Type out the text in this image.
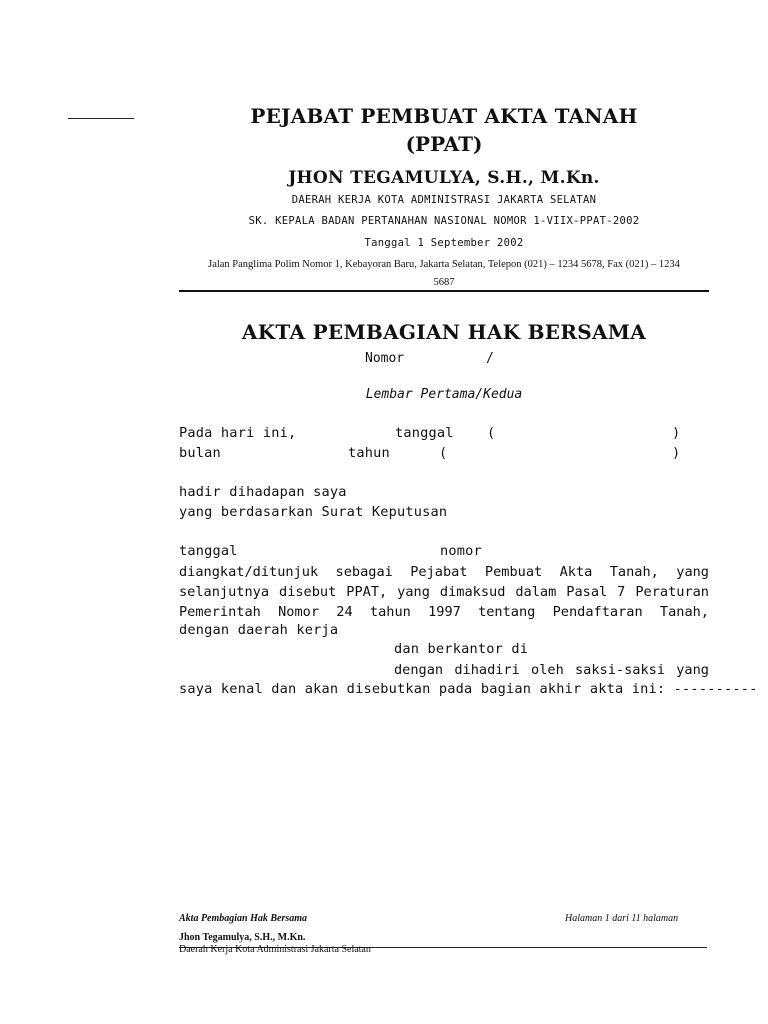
PEJABAT PEMBUAT AKTA TANAH
(PPAT)
JHON TEGAMULYA, S.H., M.Kn.
DAERAH KERJA KOTA ADMINISTRASI JAKARTA SELATAN
SK. KEPALA BADAN PERTANAHAN NASIONAL NOMOR 1-VIIX-PPAT-2002
Tanggal 1 September 2002
Jalan Panglima Polim Nomor 1, Kebayoran Baru, Jakarta Selatan, Telepon (021) – 1234 5678, Fax (021) – 1234
5687
AKTA PEMBAGIAN HAK BERSAMA
Nomor	/
Lembar Pertama/Kedua
Pada hari ini,	tanggal (	)
bulan	tahun	(	)
hadir dihadapan saya
yang berdasarkan Surat Keputusan
tanggal	nomor
diangkat/ditunjuk sebagai Pejabat Pembuat Akta Tanah, yang
selanjutnya disebut PPAT, yang dimaksud dalam Pasal 7 Peraturan
Pemerintah Nomor 24 tahun 1997 tentang Pendaftaran Tanah,
dengan daerah kerja
dan berkantor di
dengan dihadiri oleh saksi-saksi yang
saya kenal dan akan disebutkan pada bagian akhir akta ini: ----------
Akta Pembagian Hak Bersama	Halaman 1 dari 11 halaman
Jhon Tegamulya, S.H., M.Kn.
Daerah Kerja Kota Administrasi Jakarta Selatan
